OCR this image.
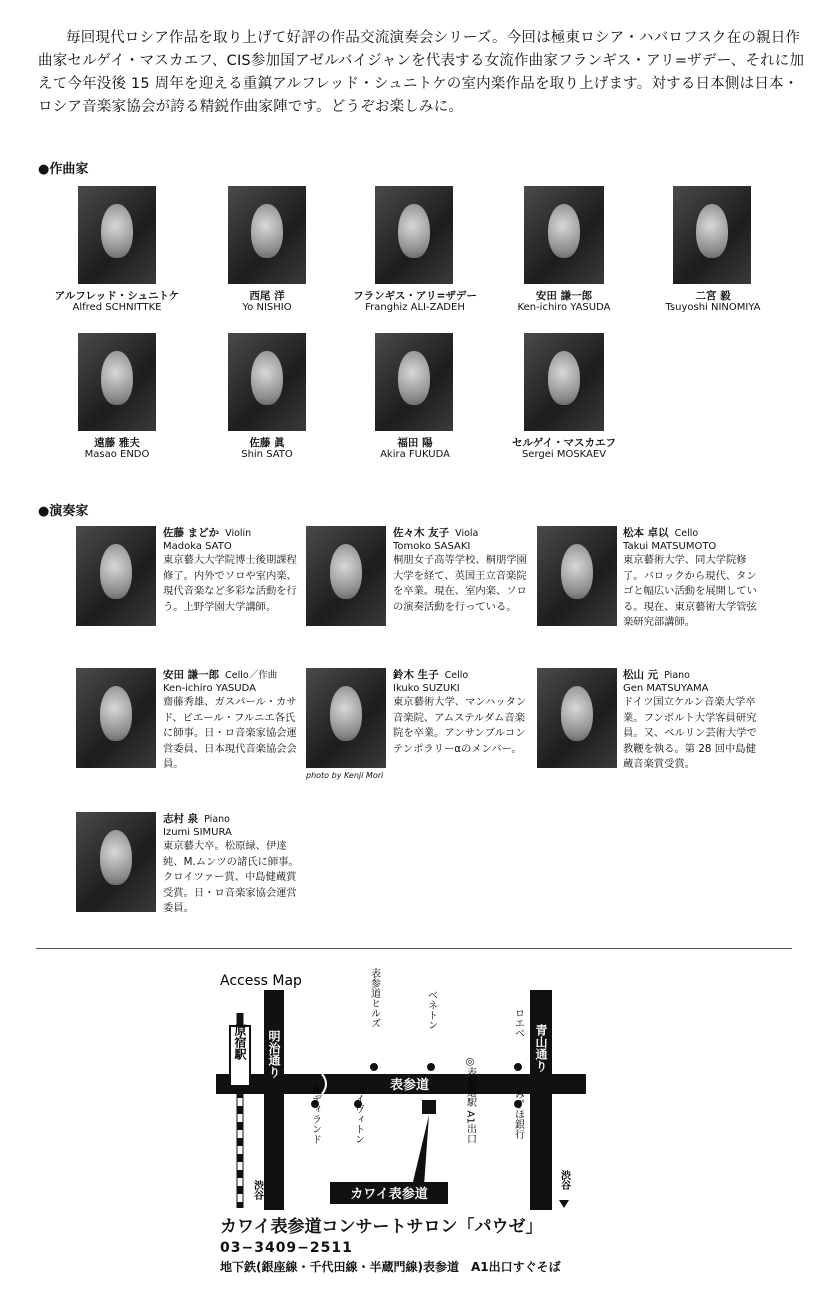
毎回現代ロシア作品を取り上げて好評の作品交流演奏会シリーズ。今回は極東ロシア・ハバロフスク在の親日作曲家セルゲイ・マスカエフ、CIS参加国アゼルバイジャンを代表する女流作曲家フランギス・アリ=ザデー、それに加えて今年没後 15 周年を迎える重鎮アルフレッド・シュニトケの室内楽作品を取り上げます。対する日本側は日本・ロシア音楽家協会が誇る精鋭作曲家陣です。どうぞお楽しみに。

●作曲家
アルフレッド・シュニトケ
Alfred SCHNITTKE
西尾 洋
Yo NISHIO
フランギス・アリ=ザデー
Franghiz ALI-ZADEH
安田 謙一郎
Ken-ichiro YASUDA
二宮 毅
Tsuyoshi NINOMIYA
遠藤 雅夫
Masao ENDO
佐藤 眞
Shin SATO
福田 陽
Akira FUKUDA
セルゲイ・マスカエフ
Sergei MOSKAEV
●演奏家
佐藤 まどか Violin
Madoka SATO
東京藝大大学院博士後期課程修了。内外でソロや室内楽、現代音楽など多彩な活動を行う。上野学園大学講師。
佐々木 友子 Viola
Tomoko SASAKI
桐朋女子高等学校、桐朋学園大学を経て、英国王立音楽院を卒業。現在、室内楽、ソロの演奏活動を行っている。
松本 卓以 Cello
Takui MATSUMOTO
東京藝術大学、同大学院修了。バロックから現代、タンゴと幅広い活動を展開している。現在、東京藝術大学管弦楽研究部講師。
安田 謙一郎 Cello／作曲
Ken-ichiro YASUDA
齋藤秀雄、ガスパール・カサド、ピエール・フルニエ各氏に師事。日・ロ音楽家協会運営委員、日本現代音楽協会会員。
photo by Kenji Mori
鈴木 生子 Cello
Ikuko SUZUKI
東京藝術大学、マンハッタン音楽院、アムステルダム音楽院を卒業。アンサンブルコンテンポラリーαのメンバー。
松山 元 Piano
Gen MATSUYAMA
ドイツ国立ケルン音楽大学卒業。フンボルト大学客員研究員。又、ベルリン芸術大学で教鞭を執る。第 28 回中島健蔵音楽賞受賞。
志村 泉 Piano
Izumi SIMURA
東京藝大卒。松原緑、伊達純、M.ムンツの諸氏に師事。クロイツァー賞、中島健蔵賞受賞。日・ロ音楽家協会運営委員。
Access Map
表参道
原宿駅 明治通り
渋谷
青山通り
渋谷
表参道ヒルズ	ベネトン	ロエベ
キディランド	ルイヴィトン	◎表参道駅 A1出口	みずほ銀行
カワイ表参道
カワイ表参道コンサートサロン「パウゼ」
03−3409−2511
地下鉄(銀座線・千代田線・半蔵門線)表参道　A1出口すぐそば
